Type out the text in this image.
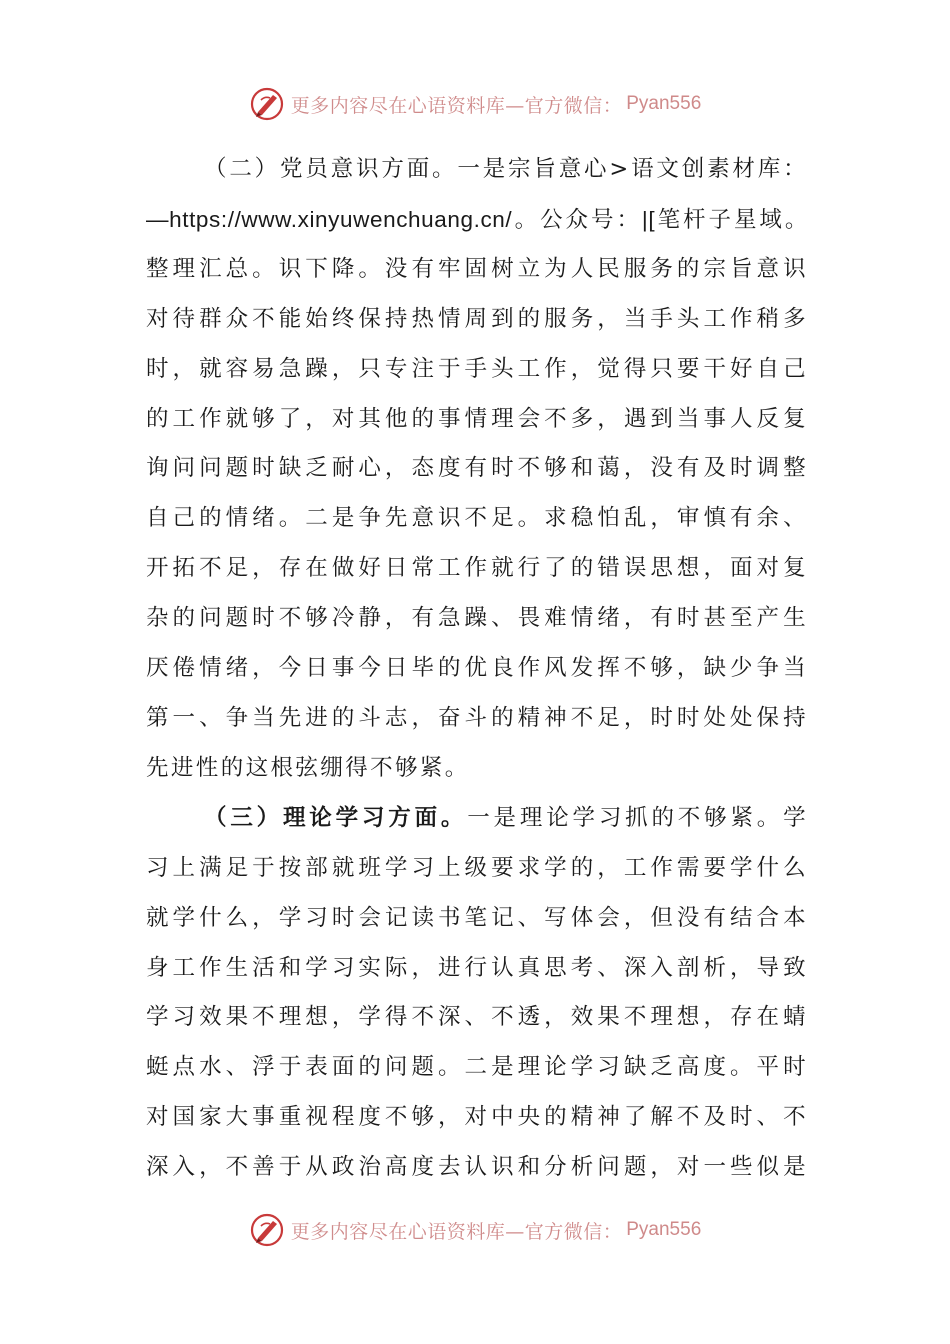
更多内容尽在心语资料库—官方微信： Pyan556
（二）党员意识方面。一是宗旨意心>语文创素材库：
—https://www.xinyuwenchuang.cn/。公众号：|[笔杆子星域。
整理汇总。识下降。没有牢固树立为人民服务的宗旨意识
对待群众不能始终保持热情周到的服务，当手头工作稍多
时，就容易急躁，只专注于手头工作，觉得只要干好自己
的工作就够了，对其他的事情理会不多，遇到当事人反复
询问问题时缺乏耐心，态度有时不够和蔼，没有及时调整
自己的情绪。二是争先意识不足。求稳怕乱，审慎有余、
开拓不足，存在做好日常工作就行了的错误思想，面对复
杂的问题时不够冷静，有急躁、畏难情绪，有时甚至产生
厌倦情绪，今日事今日毕的优良作风发挥不够，缺少争当
第一、争当先进的斗志，奋斗的精神不足，时时处处保持
先进性的这根弦绷得不够紧。
（三）理论学习方面。一是理论学习抓的不够紧。学
习上满足于按部就班学习上级要求学的，工作需要学什么
就学什么，学习时会记读书笔记、写体会，但没有结合本
身工作生活和学习实际，进行认真思考、深入剖析，导致
学习效果不理想，学得不深、不透，效果不理想，存在蜻
蜓点水、浮于表面的问题。二是理论学习缺乏高度。平时
对国家大事重视程度不够，对中央的精神了解不及时、不
深入，不善于从政治高度去认识和分析问题，对一些似是
更多内容尽在心语资料库—官方微信： Pyan556
